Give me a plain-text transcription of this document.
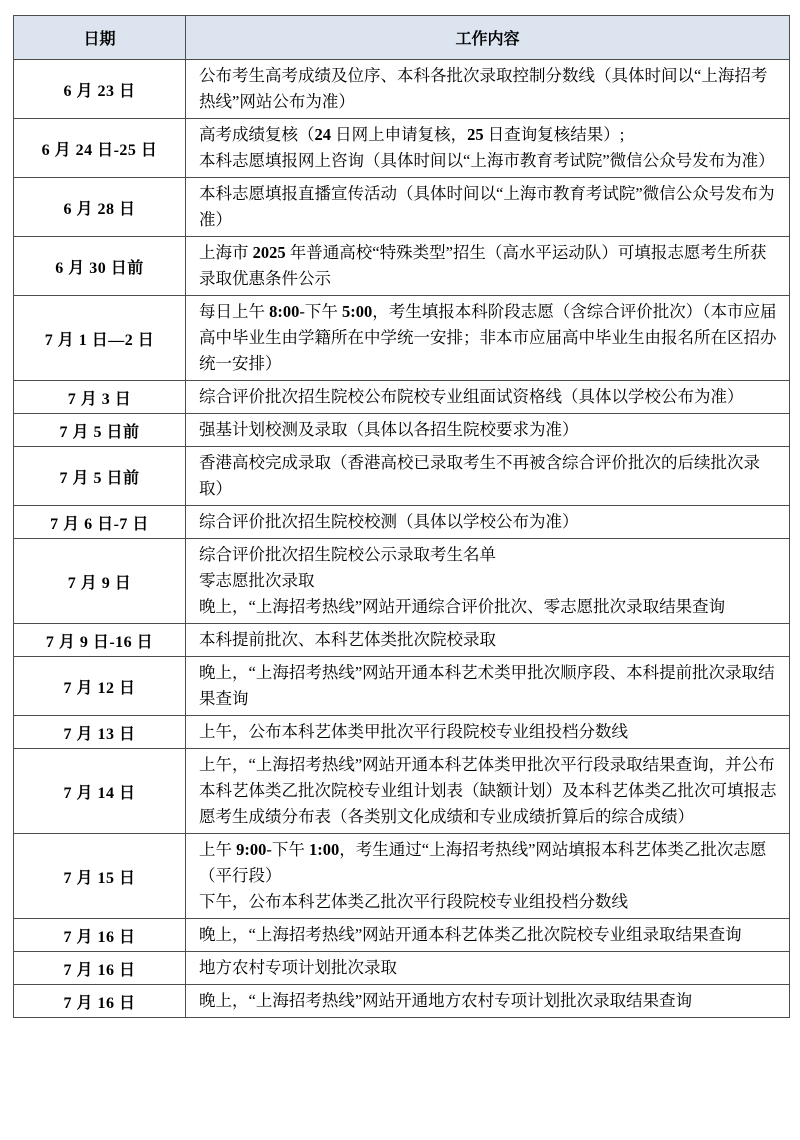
日期	工作内容
6 月 23 日	公布考生高考成绩及位序、本科各批次录取控制分数线（具体时间以“上海招考热线”网站公布为准）

6 月 24 日-25 日	高考成绩复核（24 日网上申请复核，25 日查询复核结果）;

本科志愿填报网上咨询（具体时间以“上海市教育考试院”微信公众号发布为准）

6 月 28 日	本科志愿填报直播宣传活动（具体时间以“上海市教育考试院”微信公众号发布为准）

6 月 30 日前	上海市 2025 年普通高校“特殊类型”招生（高水平运动队）可填报志愿考生所获录取优惠条件公示

7 月 1 日—2 日	每日上午 8:00-下午 5:00，考生填报本科阶段志愿（含综合评价批次）（本市应届高中毕业生由学籍所在中学统一安排；非本市应届高中毕业生由报名所在区招办统一安排）

7 月 3 日	综合评价批次招生院校公布院校专业组面试资格线（具体以学校公布为准）

7 月 5 日前	强基计划校测及录取（具体以各招生院校要求为准）

7 月 5 日前	香港高校完成录取（香港高校已录取考生不再被含综合评价批次的后续批次录取）

7 月 6 日-7 日	综合评价批次招生院校校测（具体以学校公布为准）

7 月 9 日	综合评价批次招生院校公示录取考生名单

零志愿批次录取

晚上，“上海招考热线”网站开通综合评价批次、零志愿批次录取结果查询

7 月 9 日-16 日	本科提前批次、本科艺体类批次院校录取

7 月 12 日	晚上，“上海招考热线”网站开通本科艺术类甲批次顺序段、本科提前批次录取结果查询

7 月 13 日	上午，公布本科艺体类甲批次平行段院校专业组投档分数线

7 月 14 日	上午，“上海招考热线”网站开通本科艺体类甲批次平行段录取结果查询，并公布本科艺体类乙批次院校专业组计划表（缺额计划）及本科艺体类乙批次可填报志愿考生成绩分布表（各类别文化成绩和专业成绩折算后的综合成绩）

7 月 15 日	上午 9:00-下午 1:00，考生通过“上海招考热线”网站填报本科艺体类乙批次志愿（平行段）

下午，公布本科艺体类乙批次平行段院校专业组投档分数线

7 月 16 日	晚上，“上海招考热线”网站开通本科艺体类乙批次院校专业组录取结果查询

7 月 16 日	地方农村专项计划批次录取

7 月 16 日	晚上，“上海招考热线”网站开通地方农村专项计划批次录取结果查询
